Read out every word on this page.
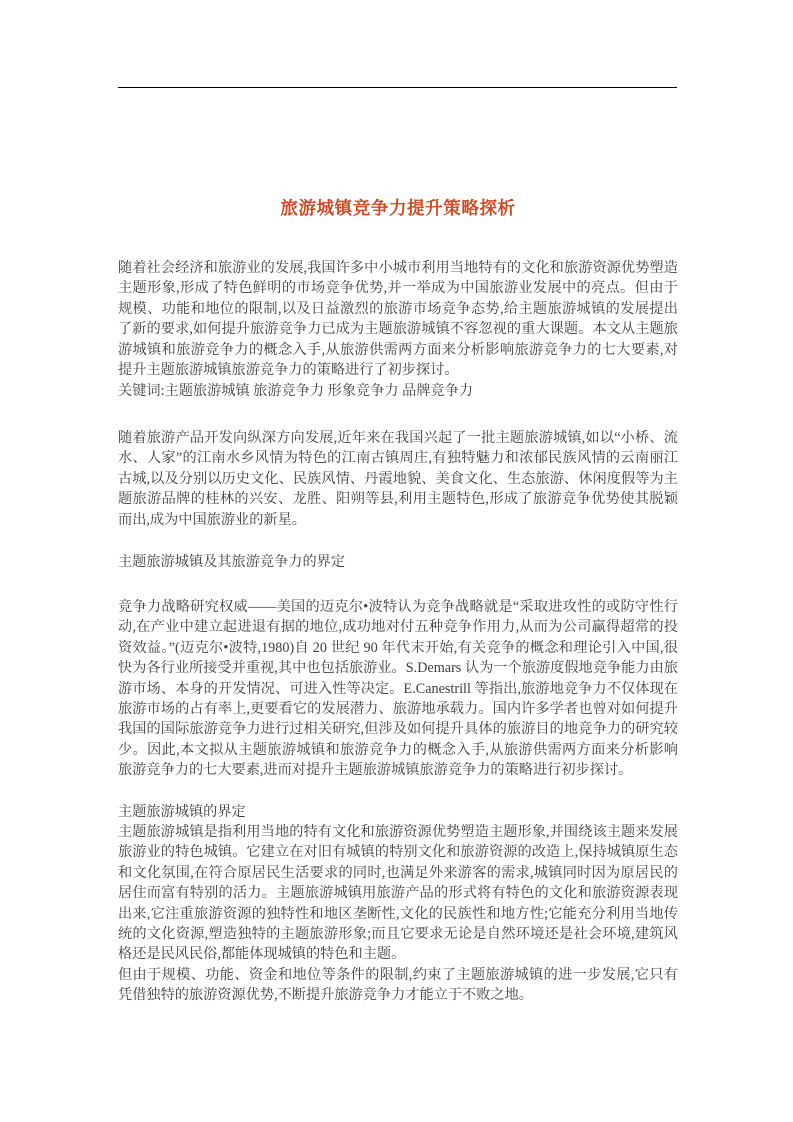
旅游城镇竞争力提升策略探析

随着社会经济和旅游业的发展,我国许多中小城市利用当地特有的文化和旅游资源优势塑造主题形象,形成了特色鲜明的市场竞争优势,并一举成为中国旅游业发展中的亮点。但由于规模、功能和地位的限制,以及日益激烈的旅游市场竞争态势,给主题旅游城镇的发展提出了新的要求,如何提升旅游竞争力已成为主题旅游城镇不容忽视的重大课题。本文从主题旅游城镇和旅游竞争力的概念入手,从旅游供需两方面来分析影响旅游竞争力的七大要素,对提升主题旅游城镇旅游竞争力的策略进行了初步探讨。

关键词:主题旅游城镇 旅游竞争力 形象竞争力 品牌竞争力

随着旅游产品开发向纵深方向发展,近年来在我国兴起了一批主题旅游城镇,如以“小桥、流水、人家”的江南水乡风情为特色的江南古镇周庄,有独特魅力和浓郁民族风情的云南丽江古城,以及分别以历史文化、民族风情、丹霞地貌、美食文化、生态旅游、休闲度假等为主题旅游品牌的桂林的兴安、龙胜、阳朔等县,利用主题特色,形成了旅游竞争优势使其脱颖而出,成为中国旅游业的新星。

主题旅游城镇及其旅游竞争力的界定

竞争力战略研究权威——美国的迈克尔•波特认为竞争战略就是“采取进攻性的或防守性行动,在产业中建立起进退有据的地位,成功地对付五种竞争作用力,从而为公司赢得超常的投资效益。”(迈克尔•波特,1980)自 20 世纪 90 年代末开始,有关竞争的概念和理论引入中国,很快为各行业所接受并重视,其中也包括旅游业。S.Demars 认为一个旅游度假地竞争能力由旅游市场、本身的开发情况、可进入性等决定。E.Canestrill 等指出,旅游地竞争力不仅体现在旅游市场的占有率上,更要看它的发展潜力、旅游地承载力。国内许多学者也曾对如何提升我国的国际旅游竞争力进行过相关研究,但涉及如何提升具体的旅游目的地竞争力的研究较少。因此,本文拟从主题旅游城镇和旅游竞争力的概念入手,从旅游供需两方面来分析影响旅游竞争力的七大要素,进而对提升主题旅游城镇旅游竞争力的策略进行初步探讨。

主题旅游城镇的界定

主题旅游城镇是指利用当地的特有文化和旅游资源优势塑造主题形象,并围绕该主题来发展旅游业的特色城镇。它建立在对旧有城镇的特别文化和旅游资源的改造上,保持城镇原生态和文化氛围,在符合原居民生活要求的同时,也满足外来游客的需求,城镇同时因为原居民的居住而富有特别的活力。主题旅游城镇用旅游产品的形式将有特色的文化和旅游资源表现出来,它注重旅游资源的独特性和地区垄断性,文化的民族性和地方性;它能充分利用当地传统的文化资源,塑造独特的主题旅游形象;而且它要求无论是自然环境还是社会环境,建筑风格还是民风民俗,都能体现城镇的特色和主题。

但由于规模、功能、资金和地位等条件的限制,约束了主题旅游城镇的进一步发展,它只有凭借独特的旅游资源优势,不断提升旅游竞争力才能立于不败之地。
